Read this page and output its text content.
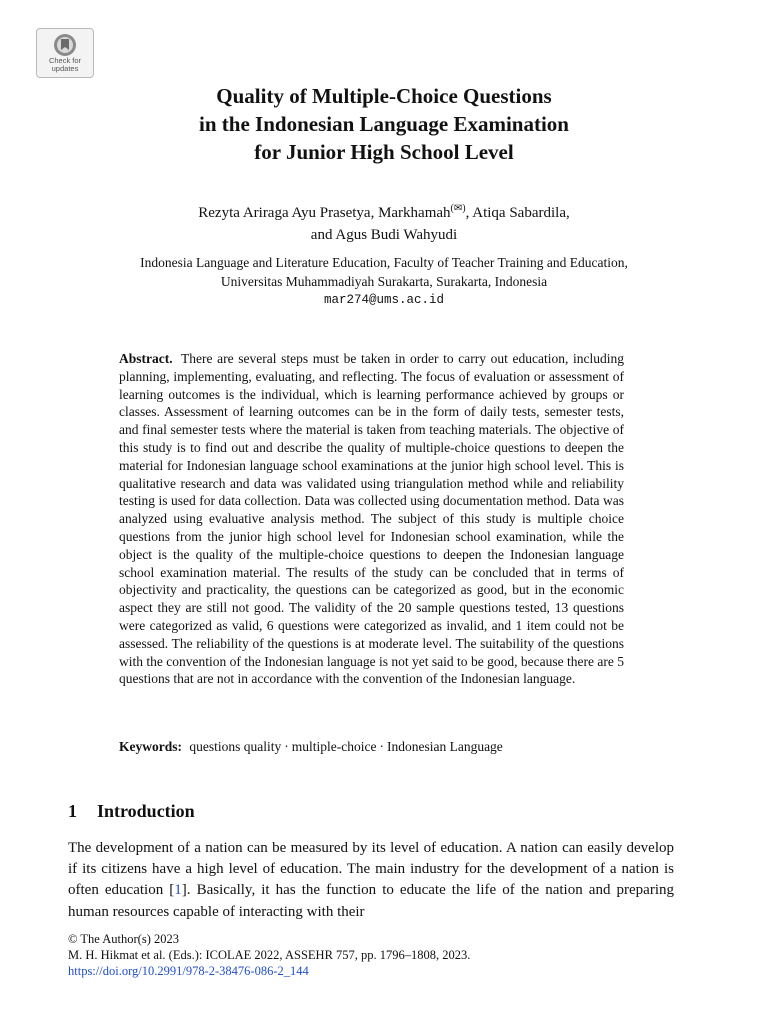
Check for
updates
Quality of Multiple-Choice Questions
in the Indonesian Language Examination
for Junior High School Level
Rezyta Ariraga Ayu Prasetya, Markhamah(✉), Atiqa Sabardila,
and Agus Budi Wahyudi
Indonesia Language and Literature Education, Faculty of Teacher Training and Education,
Universitas Muhammadiyah Surakarta, Surakarta, Indonesia
mar274@ums.ac.id
Abstract. There are several steps must be taken in order to carry out education, including planning, implementing, evaluating, and reflecting. The focus of evaluation or assessment of learning outcomes is the individual, which is learning performance achieved by groups or classes. Assessment of learning outcomes can be in the form of daily tests, semester tests, and final semester tests where the material is taken from teaching materials. The objective of this study is to find out and describe the quality of multiple-choice questions to deepen the material for Indonesian language school examinations at the junior high school level. This is qualitative research and data was validated using triangulation method while and reliability testing is used for data collection. Data was collected using documentation method. Data was analyzed using evaluative analysis method. The subject of this study is multiple choice questions from the junior high school level for Indonesian school examination, while the object is the quality of the multiple-choice questions to deepen the Indonesian language school examination material. The results of the study can be concluded that in terms of objectivity and practicality, the questions can be categorized as good, but in the economic aspect they are still not good. The validity of the 20 sample questions tested, 13 questions were categorized as valid, 6 questions were categorized as invalid, and 1 item could not be assessed. The reliability of the questions is at moderate level. The suitability of the questions with the convention of the Indonesian language is not yet said to be good, because there are 5 questions that are not in accordance with the convention of the Indonesian language.
Keywords: questions quality · multiple-choice · Indonesian Language
1 Introduction
The development of a nation can be measured by its level of education. A nation can easily develop if its citizens have a high level of education. The main industry for the development of a nation is often education [1]. Basically, it has the function to educate the life of the nation and preparing human resources capable of interacting with their
© The Author(s) 2023
M. H. Hikmat et al. (Eds.): ICOLAE 2022, ASSEHR 757, pp. 1796–1808, 2023.
https://doi.org/10.2991/978-2-38476-086-2_144
